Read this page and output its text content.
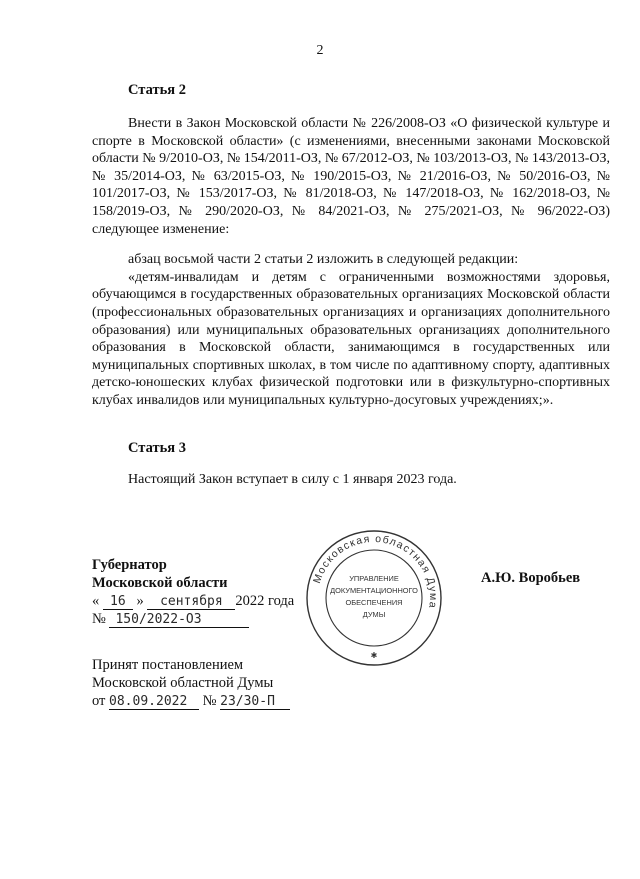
2
Статья 2

Внести в Закон Московской области № 226/2008-ОЗ «О физической культуре и спорте в Московской области» (с изменениями, внесенными законами Московской области № 9/2010-ОЗ, № 154/2011-ОЗ, № 67/2012-ОЗ, № 103/2013-ОЗ, № 143/2013-ОЗ, № 35/2014-ОЗ, № 63/2015-ОЗ, № 190/2015-ОЗ, № 21/2016-ОЗ, № 50/2016-ОЗ, № 101/2017-ОЗ, № 153/2017-ОЗ, № 81/2018-ОЗ, № 147/2018-ОЗ, № 162/2018-ОЗ, № 158/2019-ОЗ, № 290/2020-ОЗ, № 84/2021-ОЗ, № 275/2021-ОЗ, № 96/2022-ОЗ) следующее изменение:

абзац восьмой части 2 статьи 2 изложить в следующей редакции:

«детям-инвалидам и детям с ограниченными возможностями здоровья, обучающимся в государственных образовательных организациях Московской области (профессиональных образовательных организациях и организациях дополнительного образования) или муниципальных образовательных организациях дополнительного образования в Московской области, занимающимся в государственных или муниципальных спортивных школах, в том числе по адаптивному спорту, адаптивных детско-юношеских клубах физической подготовки или в физкультурно-спортивных клубах инвалидов или муниципальных культурно-досуговых учреждениях;».

Статья 3

Настоящий Закон вступает в силу с 1 января 2023 года.

Губернатор
Московской области
« 16 » сентября 2022 года
№ 150/2022-ОЗ
Московская областная Дума
УПРАВЛЕНИЕ
ДОКУМЕНТАЦИОННОГО
ОБЕСПЕЧЕНИЯ
ДУМЫ
✱
А.Ю. Воробьев
Принят постановлением
Московской областной Думы
от 08.09.2022 № 23/30-П
